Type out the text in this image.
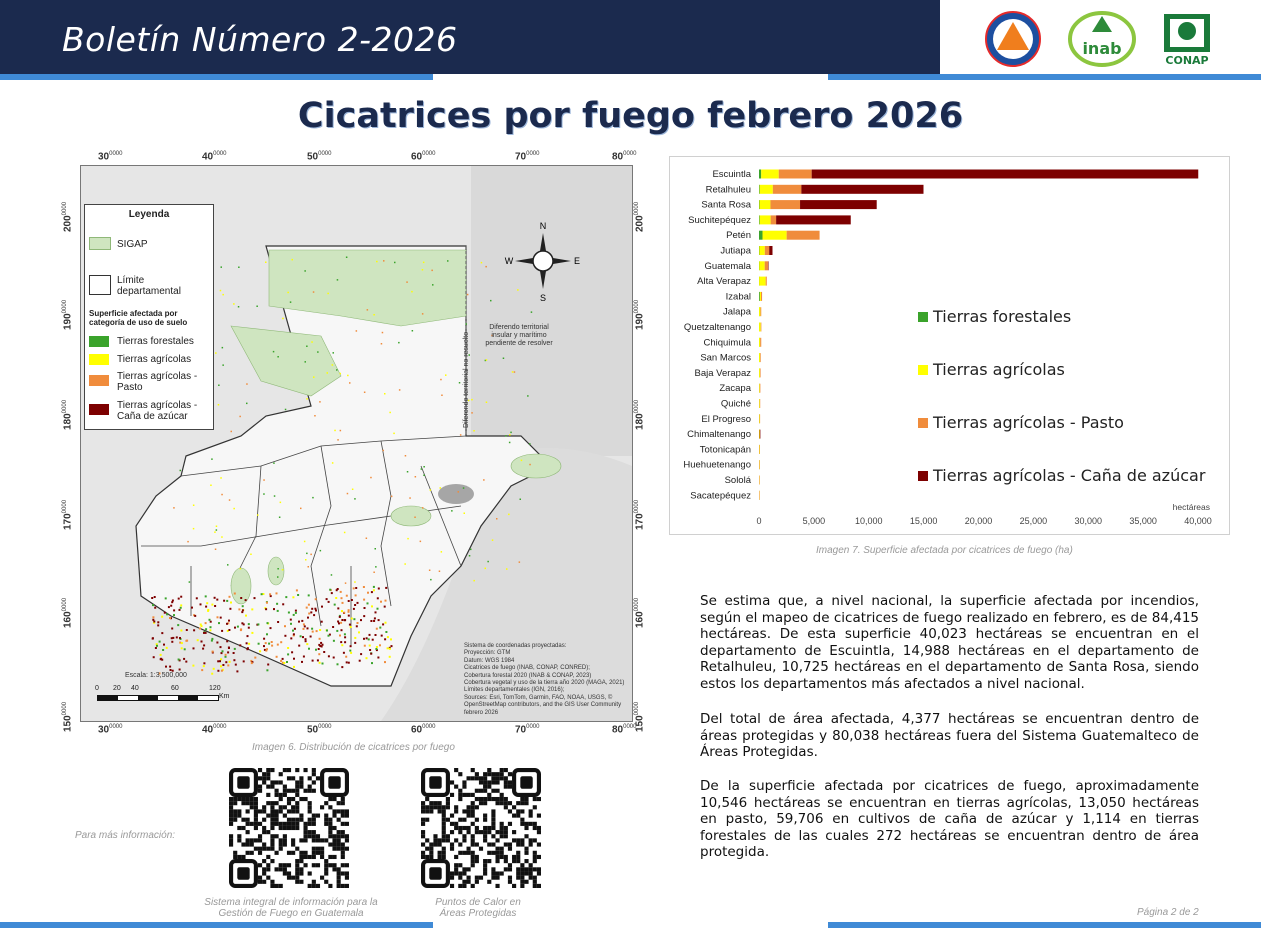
Boletín Número 2-2026	inab
CONAP
Cicatrices por fuego febrero 2026
$30^{0000}$
$30^{0000}$
$40^{0000}$
$40^{0000}$
$50^{0000}$
$50^{0000}$
$60^{0000}$
$60^{0000}$
$70^{0000}$
$70^{0000}$
$80^{0000}$
$80^{0000}$
$200^{0000}$
$200^{0000}$
$190^{0000}$
$190^{0000}$
$180^{0000}$
$180^{0000}$
$170^{0000}$
$170^{0000}$
$160^{0000}$
$160^{0000}$
$150^{0000}$
$150^{0000}$
N
S
E
W
Diferendo territorial insular y marítimo pendiente de resolver
Diferendo territorial no resuelto
Sistema de coordenadas proyectadas:
Proyección: GTM
Datum: WGS 1984
Cicatrices de fuego (INAB, CONAP, CONRED);
Cobertura forestal 2020 (INAB & CONAP, 2023)
Cobertura vegetal y uso de la tierra año 2020 (MAGA, 2021)
Límites departamentales (IGN, 2016);
Sources: Esri, TomTom, Garmin, FAO, NOAA, USGS, © OpenStreetMap contributors, and the GIS User Community
febrero 2026
Escala: 1:3,500,000
0	20 40	60	120
Km
Leyenda
SIGAP
Límite departamental
Superficie afectada por categoría de uso de suelo
Tierras forestales
Tierras agrícolas
Tierras agrícolas - Pasto
Tierras agrícolas - Caña de azúcar
Imagen 6. Distribución de cicatrices por fuego
Escuintla
Retalhuleu
Santa Rosa
Suchitepéquez
Petén
Jutiapa
Guatemala
Alta Verapaz
Izabal
Jalapa
Quetzaltenango
Chiquimula
San Marcos
Baja Verapaz
Zacapa
Quiché
El Progreso
Chimaltenango
Totonicapán
Huehuetenango
Sololá
Sacatepéquez
0	5,000	10,000	15,000	20,000	25,000	30,000	35,000	40,000
hectáreas
Tierras forestales
Tierras agrícolas
Tierras agrícolas - Pasto
Tierras agrícolas - Caña de azúcar
Imagen 7. Superficie afectada por cicatrices de fuego (ha)
Se estima que, a nivel nacional, la superficie afectada por incendios, según el mapeo de cicatrices de fuego realizado en febrero, es de 84,415 hectáreas. De esta superficie 40,023 hectáreas se encuentran en el departamento de Escuintla, 14,988 hectáreas en el departamento de Retalhuleu, 10,725 hectáreas en el departamento de Santa Rosa, siendo estos los departamentos más afectados a nivel nacional.
Del total de área afectada, 4,377 hectáreas se encuentran dentro de áreas protegidas y 80,038 hectáreas fuera del Sistema Guatemalteco de Áreas Protegidas.
De la superficie afectada por cicatrices de fuego, aproximadamente 10,546 hectáreas se encuentran en tierras agrícolas, 13,050 hectáreas en pasto, 59,706 en cultivos de caña de azúcar y 1,114 en tierras forestales de las cuales 272 hectáreas se encuentran dentro de área protegida.
Para más información:
Sistema integral de información para la Gestión de Fuego en Guatemala
Puntos de Calor en Áreas Protegidas	Página 2 de 2
